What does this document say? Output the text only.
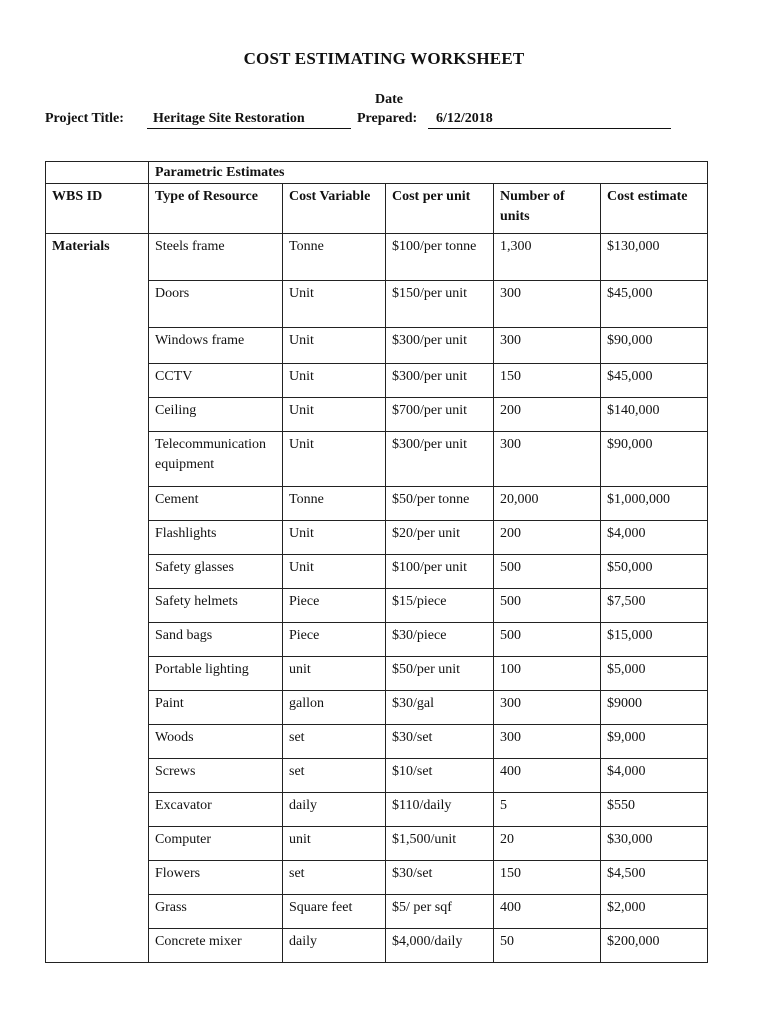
COST ESTIMATING WORKSHEET
Date
Project Title:	Heritage Site Restoration	Prepared:	6/12/2018
	Parametric Estimates				
WBS ID	Type of Resource	Cost Variable	Cost per unit	Number of units	Cost estimate
Materials	Steels frame	Tonne	$100/per tonne	1,300	$130,000
	Doors	Unit	$150/per unit	300	$45,000
	Windows frame	Unit	$300/per unit	300	$90,000
	CCTV	Unit	$300/per unit	150	$45,000
	Ceiling	Unit	$700/per unit	200	$140,000
	Telecommunication equipment	Unit	$300/per unit	300	$90,000
	Cement	Tonne	$50/per tonne	20,000	$1,000,000
	Flashlights	Unit	$20/per unit	200	$4,000
	Safety glasses	Unit	$100/per unit	500	$50,000
	Safety helmets	Piece	$15/piece	500	$7,500
	Sand bags	Piece	$30/piece	500	$15,000
	Portable lighting	unit	$50/per unit	100	$5,000
	Paint	gallon	$30/gal	300	$9000
	Woods	set	$30/set	300	$9,000
	Screws	set	$10/set	400	$4,000
	Excavator	daily	$110/daily	5	$550
	Computer	unit	$1,500/unit	20	$30,000
	Flowers	set	$30/set	150	$4,500
	Grass	Square feet	$5/ per sqf	400	$2,000
	Concrete mixer	daily	$4,000/daily	50	$200,000
